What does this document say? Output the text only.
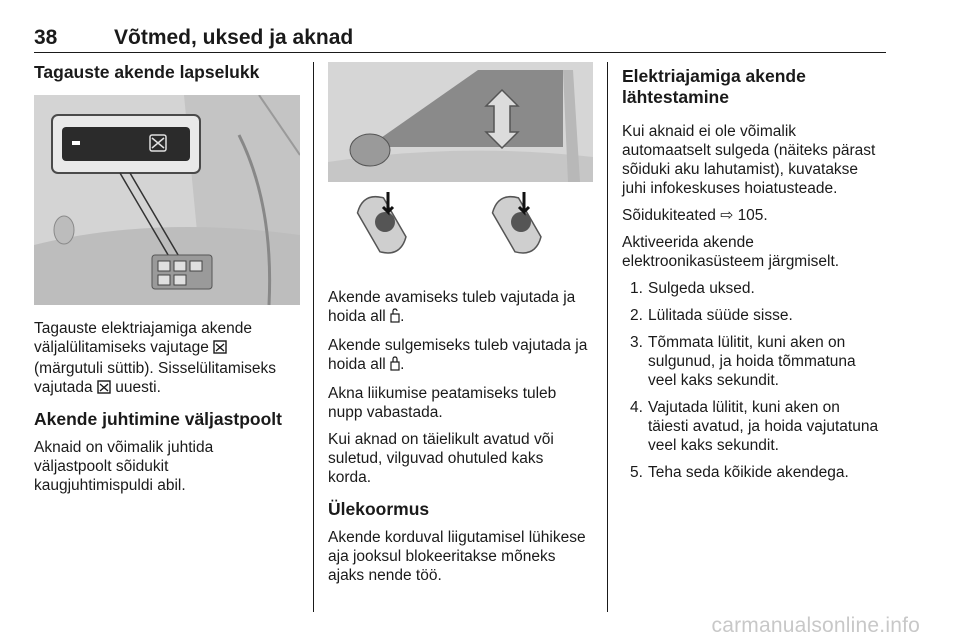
38	Võtmed, uksed ja aknad
Tagauste akende lapselukk

Tagauste elektriajamiga akende
väljalülitamiseks vajutage
(märgutuli süttib). Sisselülitamiseks
vajutada uuesti.

Akende juhtimine väljastpoolt

Aknaid on võimalik juhtida
väljastpoolt sõidukit
kaugjuhtimispuldi abil.

Akende avamiseks tuleb vajutada ja
hoida all .

Akende sulgemiseks tuleb vajutada ja
hoida all .

Akna liikumise peatamiseks tuleb
nupp vabastada.

Kui aknad on täielikult avatud või
suletud, vilguvad ohutuled kaks
korda.

Ülekoormus

Akende korduval liigutamisel lühikese
aja jooksul blokeeritakse mõneks
ajaks nende töö.

Elektriajamiga akende
lähtestamine

Kui aknaid ei ole võimalik
automaatselt sulgeda (näiteks pärast
sõiduki aku lahutamist), kuvatakse
juhi infokeskuses hoiatusteade.

Sõidukiteated ⇨ 105.

Aktiveerida akende
elektroonikasüsteem järgmiselt.

1. Sulgeda uksed.
2. Lülitada süüde sisse.
3. Tõmmata lülitit, kuni aken on
sulgunud, ja hoida tõmmatuna
veel kaks sekundit.
4. Vajutada lülitit, kuni aken on
täiesti avatud, ja hoida vajutatuna
veel kaks sekundit.
5. Teha seda kõikide akendega.
carmanualsonline.info
